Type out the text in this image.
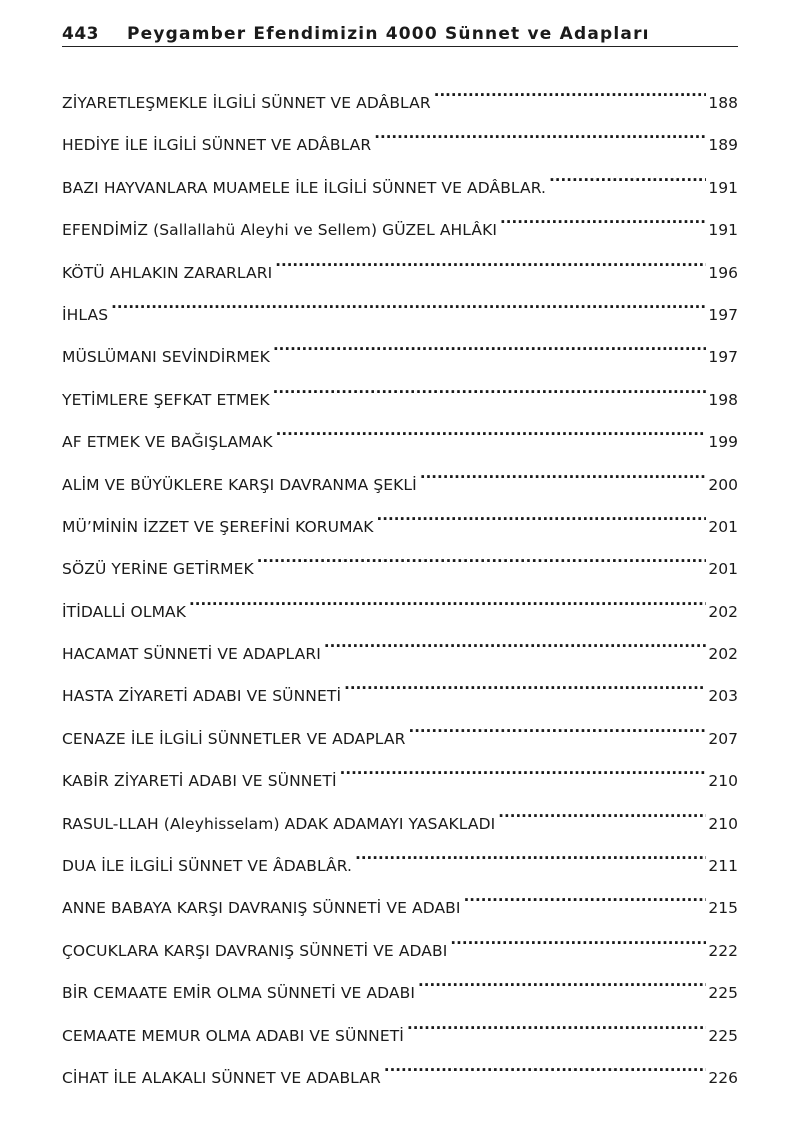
443 Peygamber Efendimizin 4000 Sünnet ve Adapları
ZİYARETLEŞMEKLE İLGİLİ SÜNNET VE ADÂBLAR . . .	188
HEDİYE İLE İLGİLİ SÜNNET VE ADÂBLAR . . .	189
BAZI HAYVANLARA MUAMELE İLE İLGİLİ SÜNNET VE ADÂBLAR. . . .	191
EFENDİMİZ (Sallallahü Aleyhi ve Sellem) GÜZEL AHLÂKI . . .	191
KÖTÜ AHLAKIN ZARARLARI . . .	196
İHLAS . . .	197
MÜSLÜMANI SEVİNDİRMEK . . .	197
YETİMLERE ŞEFKAT ETMEK . . .	198
AF ETMEK VE BAĞIŞLAMAK . . .	199
ALİM VE BÜYÜKLERE KARŞI DAVRANMA ŞEKLİ . . .	200
MÜ’MİNİN İZZET VE ŞEREFİNİ KORUMAK . . .	201
SÖZÜ YERİNE GETİRMEK . . .	201
İTİDALLİ OLMAK . . .	202
HACAMAT SÜNNETİ VE ADAPLARI . . .	202
HASTA ZİYARETİ ADABI VE SÜNNETİ . . .	203
CENAZE İLE İLGİLİ SÜNNETLER VE ADAPLAR . . .	207
KABİR ZİYARETİ ADABI VE SÜNNETİ . . .	210
RASUL-LLAH (Aleyhisselam) ADAK ADAMAYI YASAKLADI . . .	210
DUA İLE İLGİLİ SÜNNET VE ÂDABLÂR. . . .	211
ANNE BABAYA KARŞI DAVRANIŞ SÜNNETİ VE ADABI . . .	215
ÇOCUKLARA KARŞI DAVRANIŞ SÜNNETİ VE ADABI . . .	222
BİR CEMAATE EMİR OLMA SÜNNETİ VE ADABI . . .	225
CEMAATE MEMUR OLMA ADABI VE SÜNNETİ . . .	225
CİHAT İLE ALAKALI SÜNNET VE ADABLAR . . .	226
